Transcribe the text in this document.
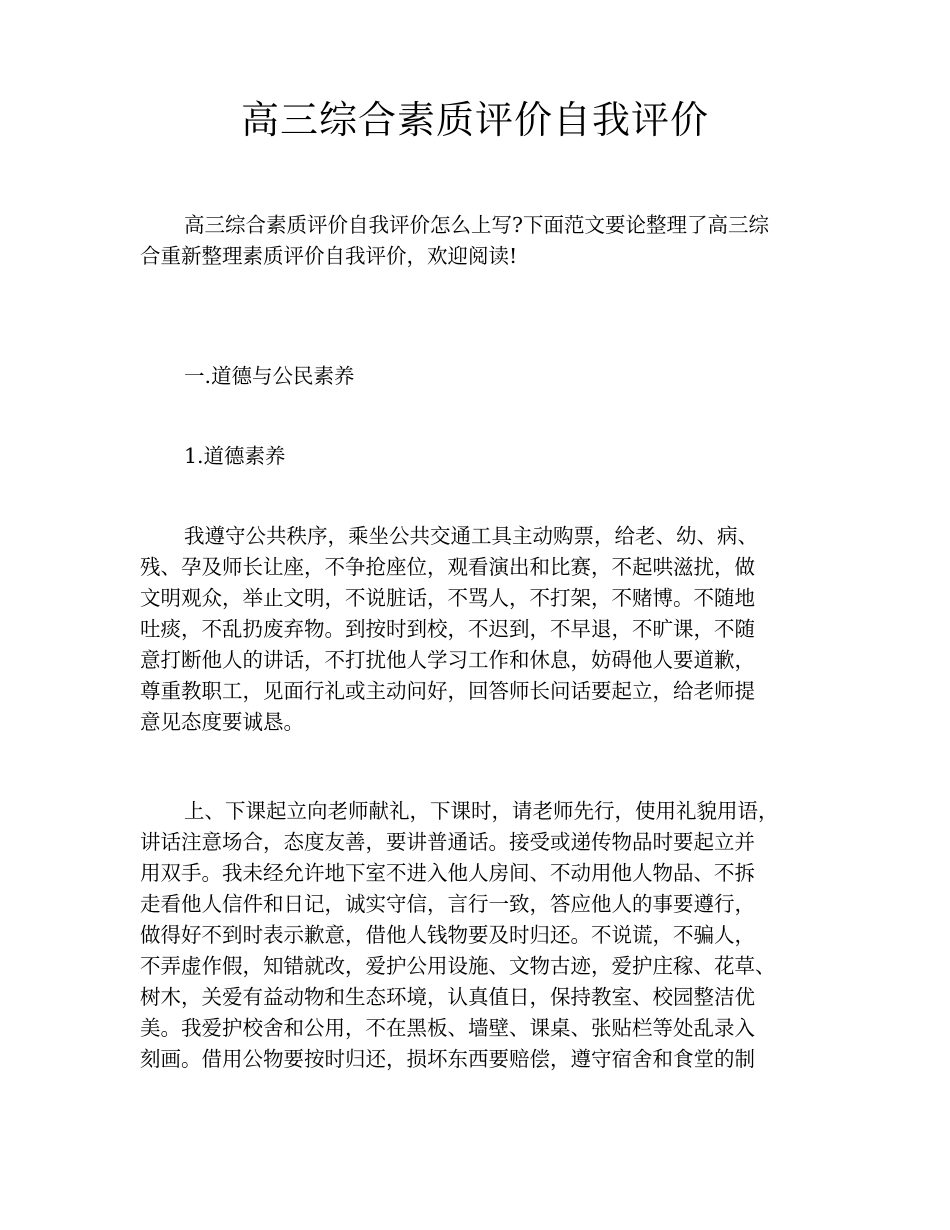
高三综合素质评价自我评价
高三综合素质评价自我评价怎么上写?下面范文要论整理了高三综
合重新整理素质评价自我评价，欢迎阅读!
一.道德与公民素养
1.道德素养
我遵守公共秩序，乘坐公共交通工具主动购票，给老、幼、病、
残、孕及师长让座，不争抢座位，观看演出和比赛，不起哄滋扰，做
文明观众，举止文明，不说脏话，不骂人，不打架，不赌博。不随地
吐痰，不乱扔废弃物。到按时到校，不迟到，不早退，不旷课，不随
意打断他人的讲话，不打扰他人学习工作和休息，妨碍他人要道歉，
尊重教职工，见面行礼或主动问好，回答师长问话要起立，给老师提
意见态度要诚恳。
上、下课起立向老师献礼，下课时，请老师先行，使用礼貌用语，
讲话注意场合，态度友善，要讲普通话。接受或递传物品时要起立并
用双手。我未经允许地下室不进入他人房间、不动用他人物品、不拆
走看他人信件和日记，诚实守信，言行一致，答应他人的事要遵行，
做得好不到时表示歉意，借他人钱物要及时归还。不说谎，不骗人，
不弄虚作假，知错就改，爱护公用设施、文物古迹，爱护庄稼、花草、
树木，关爱有益动物和生态环境，认真值日，保持教室、校园整洁优
美。我爱护校舍和公用，不在黑板、墙壁、课桌、张贴栏等处乱录入
刻画。借用公物要按时归还，损坏东西要赔偿，遵守宿舍和食堂的制
